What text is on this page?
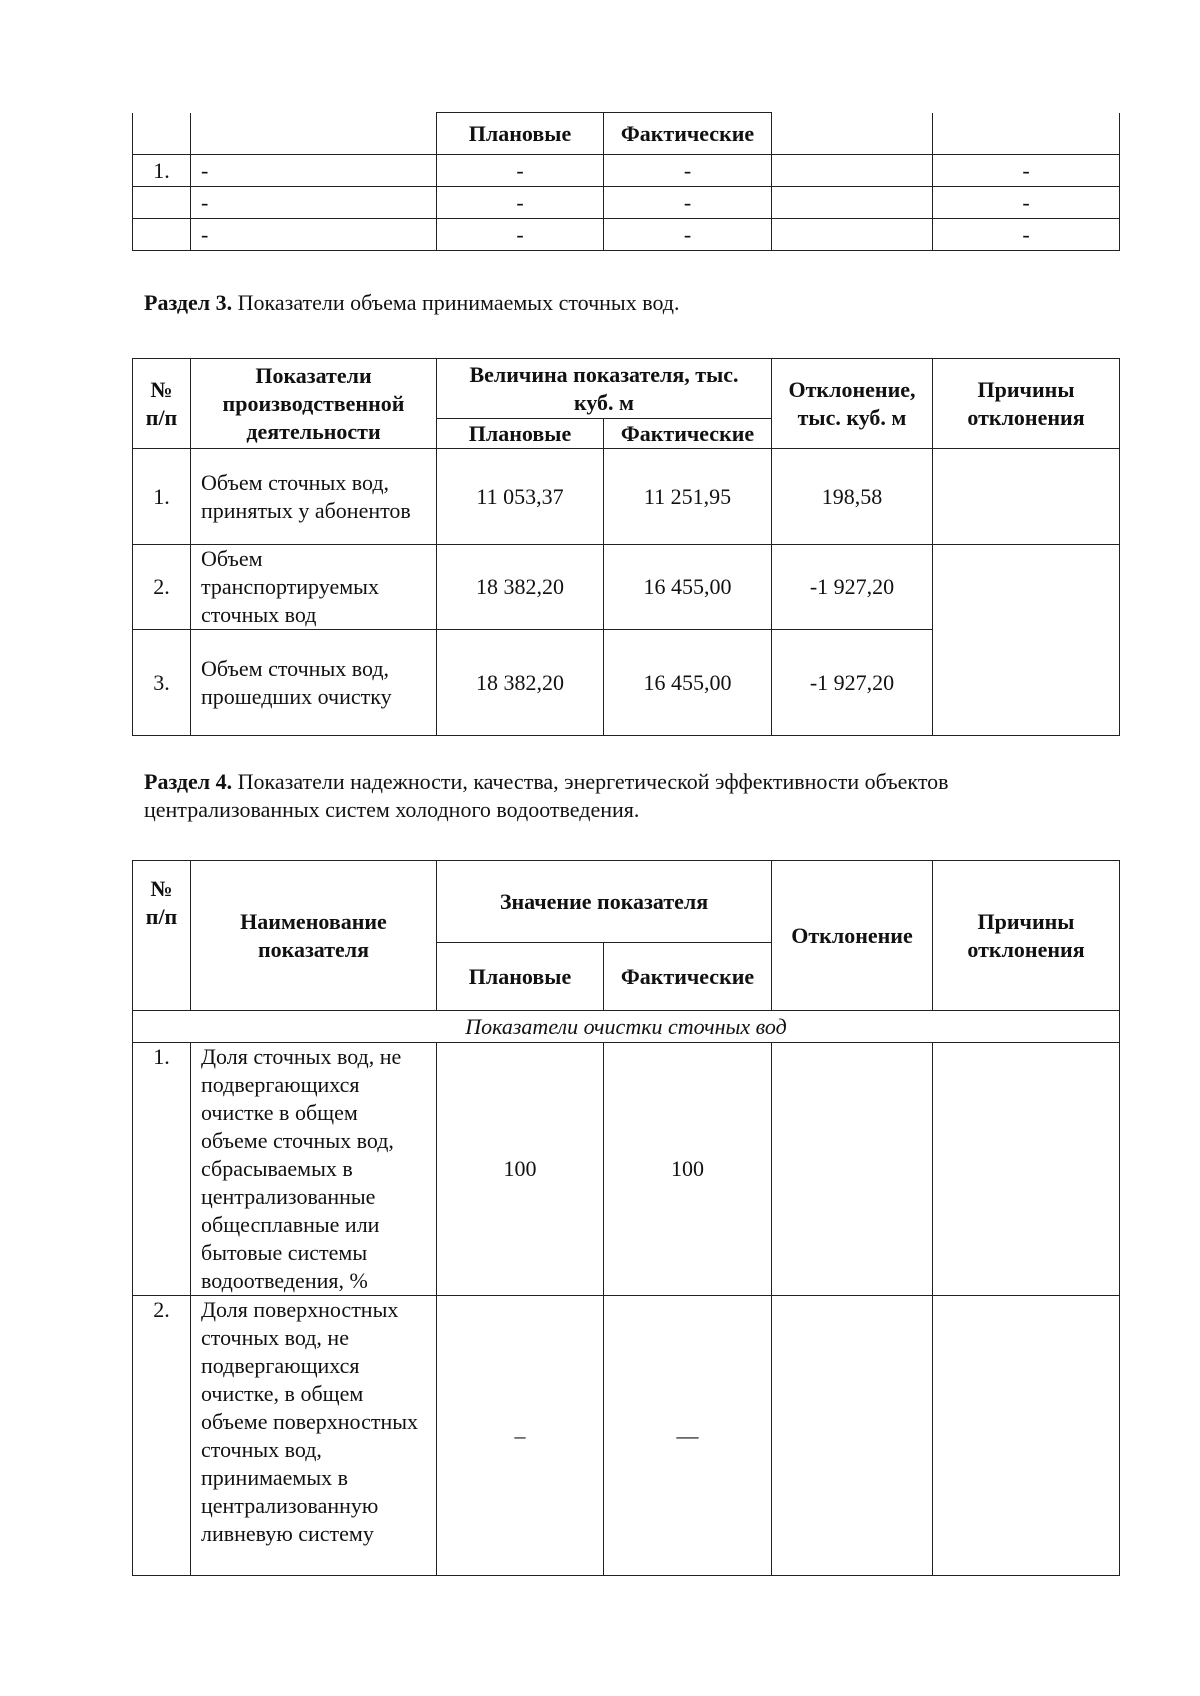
		Плановые	Фактические		
1.	-	-	-		-
	-	-	-		-
	-	-	-		-
Раздел 3. Показатели объема принимаемых сточных вод.
№ п/п	Показатели производственной деятельности	Величина показателя, тыс. куб. м		Отклонение, тыс. куб. м	Причины отклонения
		Плановые	Фактические		
1.	Объем сточных вод, принятых у абонентов	11 053,37	11 251,95	198,58	
2.	Объем транспортируемых сточных вод	18 382,20	16 455,00	-1 927,20	
3.	Объем сточных вод, прошедших очистку	18 382,20	16 455,00	-1 927,20	
Раздел 4. Показатели надежности, качества, энергетической эффективности объектов централизованных систем холодного водоотведения.
№ п/п	Наименование показателя	Значение показателя		Отклонение	Причины отклонения
		Плановые	Фактические		
Показатели очистки сточных вод					
1.	Доля сточных вод, не подвергающихся очистке в общем объеме сточных вод, сбрасываемых в централизованные общесплавные или бытовые системы водоотведения, %	100	100		
2.	Доля поверхностных сточных вод, не подвергающихся очистке, в общем объеме поверхностных сточных вод, принимаемых в централизованную ливневую систему	–	—		
